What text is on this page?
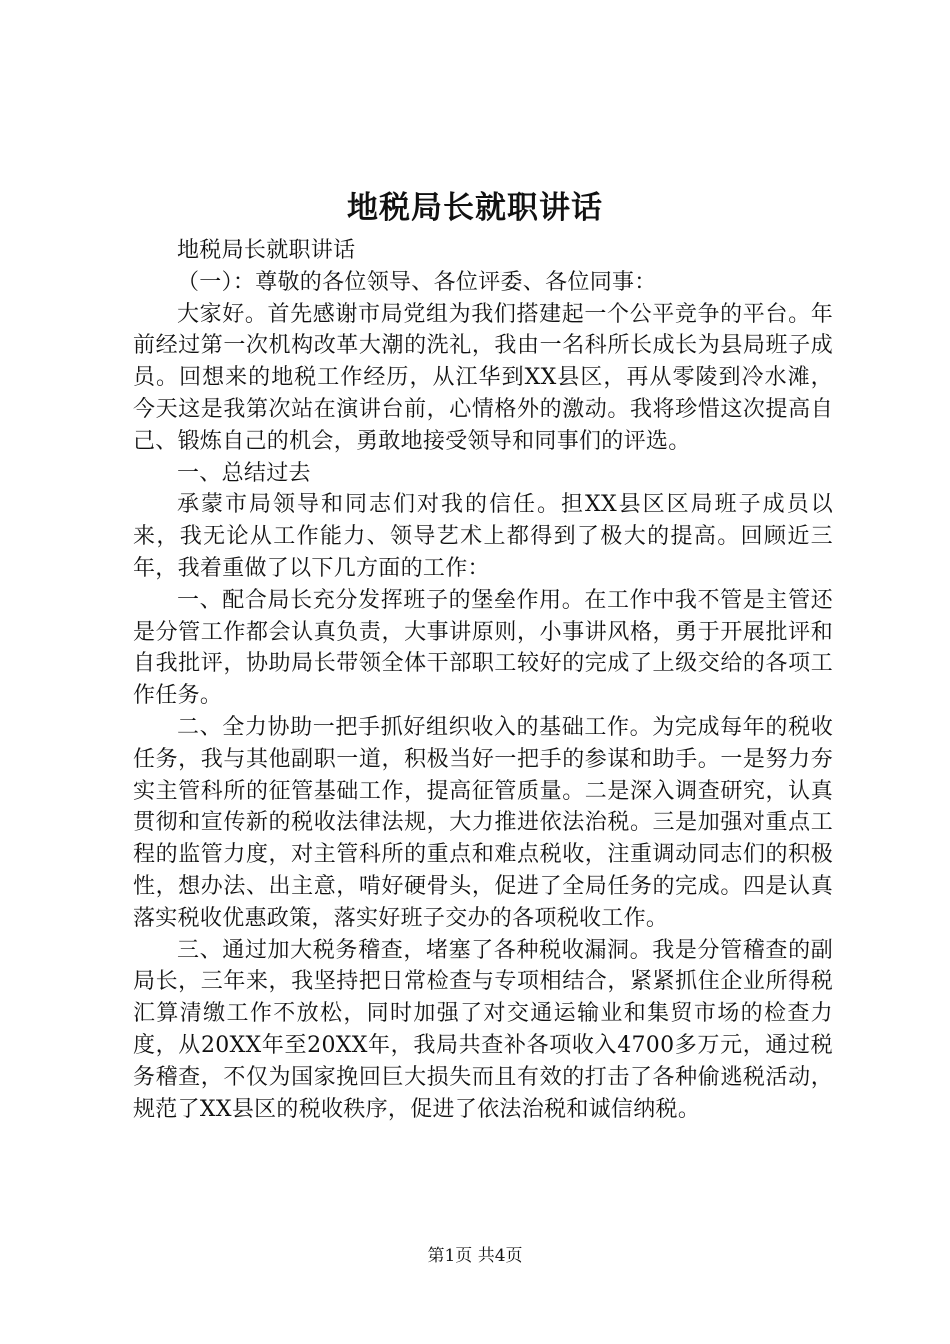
地税局长就职讲话

地税局长就职讲话

（一）：尊敬的各位领导、各位评委、各位同事：

大家好。首先感谢市局党组为我们搭建起一个公平竞争的平台。年前经过第一次机构改革大潮的洗礼，我由一名科所长成长为县局班子成员。回想来的地税工作经历，从江华到XX县区，再从零陵到冷水滩，今天这是我第次站在演讲台前，心情格外的激动。我将珍惜这次提高自己、锻炼自己的机会，勇敢地接受领导和同事们的评选。

一、总结过去

承蒙市局领导和同志们对我的信任。担XX县区区局班子成员以来，我无论从工作能力、领导艺术上都得到了极大的提高。回顾近三年，我着重做了以下几方面的工作：

一、配合局长充分发挥班子的堡垒作用。在工作中我不管是主管还是分管工作都会认真负责，大事讲原则，小事讲风格，勇于开展批评和自我批评，协助局长带领全体干部职工较好的完成了上级交给的各项工作任务。

二、全力协助一把手抓好组织收入的基础工作。为完成每年的税收任务，我与其他副职一道，积极当好一把手的参谋和助手。一是努力夯实主管科所的征管基础工作，提高征管质量。二是深入调查研究，认真贯彻和宣传新的税收法律法规，大力推进依法治税。三是加强对重点工程的监管力度，对主管科所的重点和难点税收，注重调动同志们的积极性，想办法、出主意，啃好硬骨头，促进了全局任务的完成。四是认真落实税收优惠政策，落实好班子交办的各项税收工作。

三、通过加大税务稽查，堵塞了各种税收漏洞。我是分管稽查的副局长，三年来，我坚持把日常检查与专项相结合，紧紧抓住企业所得税汇算清缴工作不放松，同时加强了对交通运输业和集贸市场的检查力度，从20XX年至20XX年，我局共查补各项收入4700多万元，通过税务稽查，不仅为国家挽回巨大损失而且有效的打击了各种偷逃税活动，规范了XX县区的税收秩序，促进了依法治税和诚信纳税。

第1页 共4页
